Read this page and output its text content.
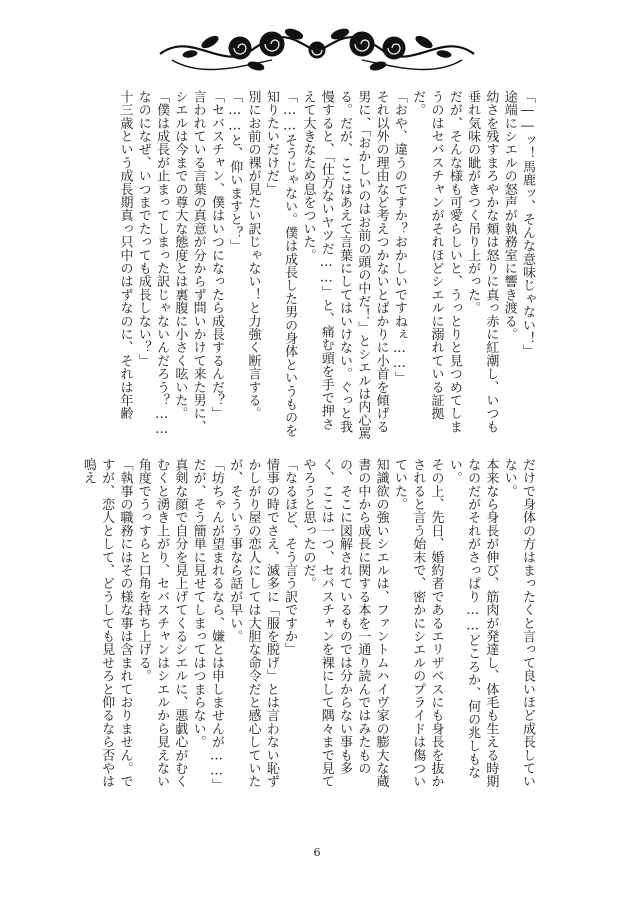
「――ッ！馬鹿ッ、そんな意味じゃない！」

途端にシエルの怒声が執務室に響き渡る。

幼さを残すまろやかな頬は怒りに真っ赤に紅潮し、いつも垂れ気味の眦がきつく吊り上がった。

だが、そんな様も可愛らしいと、うっとりと見つめてしまうのはセバスチャンがそれほどシエルに溺れている証拠だ。

「おや、違うのですか？おかしいですねぇ……」

それ以外の理由など考えつかないとばかりに小首を傾げる男に、「おかしいのはお前の頭の中だ！」とシエルは内心罵る。だが、ここはあえて言葉にしてはいけない。ぐっと我慢すると、「仕方ないヤツだ……」と、痛む頭を手で押さえて大きなため息をついた。

「……そうじゃない。僕は成長した男の身体というものを知りたいだけだ」

別にお前の裸が見たい訳じゃない！と力強く断言する。

「……と、仰いますと？」

「セバスチャン、僕はいつになったら成長するんだ？」

言われている言葉の真意が分からず問いかけて来た男に、シエルは今までの尊大な態度とは裏腹に小さく呟いた。

「僕は成長が止まってしまった訳じゃないんだろう？……なのになぜ、いつまでたっても成長しない？」

十三歳という成長期真っ只中のはずなのに、それは年齢

だけで身体の方はまったくと言って良いほど成長していない。

本来なら身長が伸び、筋肉が発達し、体毛も生える時期なのだがそれがさっぱり……どころか、何の兆しもない。

その上、先日、婚約者であるエリザベスにも身長を抜かされると言う始末で、密かにシエルのプライドは傷ついていた。

知識欲の強いシエルは、ファントムハイヴ家の膨大な蔵書の中から成長に関する本を一通り読んではみたものの、そこに図解されているものでは分からない事も多く、ここは一つ、セバスチャンを裸にして隅々まで見てやろうと思ったのだ。

「なるほど、そう言う訳ですか」

情事の時でさえ、滅多に「服を脱げ」とは言わない恥ずかしがり屋の恋人にしては大胆な命令だと感心していたが、そういう事なら話が早い。

「坊ちゃんが望まれるなら、嫌とは申しませんが……」

だが、そう簡単に見せてしまってはつまらない。

真剣な顔で自分を見上げてくるシエルに、悪戯心がむくむくと湧き上がり、セバスチャンはシエルから見えない角度でうっすらと口角を持ち上げる。

「執事の職務にはその様な事は含まれておりません。ですが、恋人として、どうしても見せろと仰るなら否やは嗚え

6
